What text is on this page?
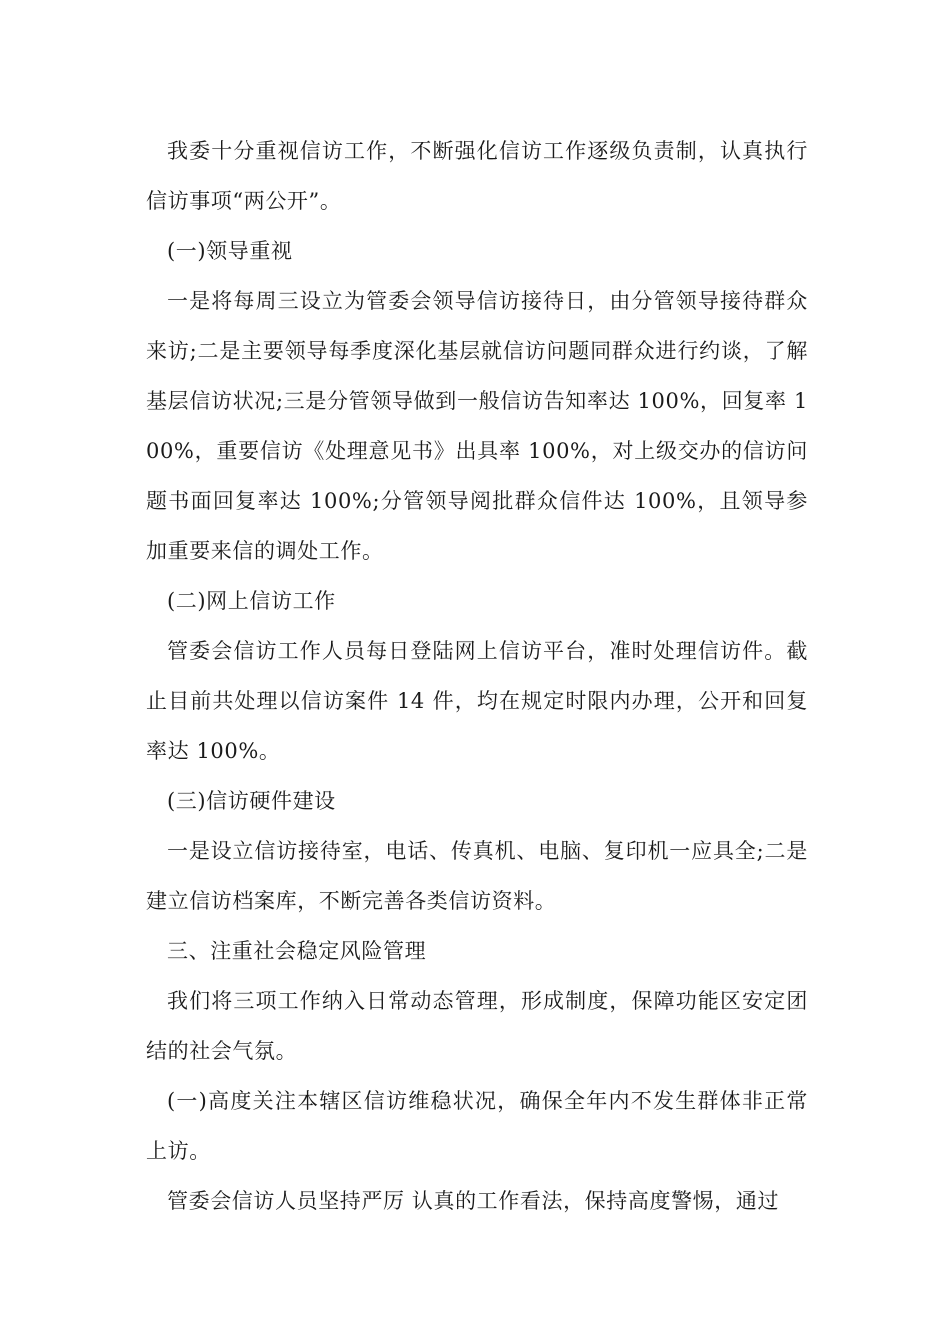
我委十分重视信访工作，不断强化信访工作逐级负责制，认真执行信访事项“两公开”。

(一)领导重视

一是将每周三设立为管委会领导信访接待日，由分管领导接待群众来访;二是主要领导每季度深化基层就信访问题同群众进行约谈，了解基层信访状况;三是分管领导做到一般信访告知率达 100%，回复率 100%，重要信访《处理意见书》出具率 100%，对上级交办的信访问题书面回复率达 100%;分管领导阅批群众信件达 100%，且领导参加重要来信的调处工作。

(二)网上信访工作

管委会信访工作人员每日登陆网上信访平台，准时处理信访件。截止目前共处理以信访案件 14 件，均在规定时限内办理，公开和回复率达 100%。

(三)信访硬件建设

一是设立信访接待室，电话、传真机、电脑、复印机一应具全;二是建立信访档案库，不断完善各类信访资料。

三、注重社会稳定风险管理

我们将三项工作纳入日常动态管理，形成制度，保障功能区安定团结的社会气氛。

(一)高度关注本辖区信访维稳状况，确保全年内不发生群体非正常上访。

管委会信访人员坚持严厉 认真的工作看法，保持高度警惕，通过
